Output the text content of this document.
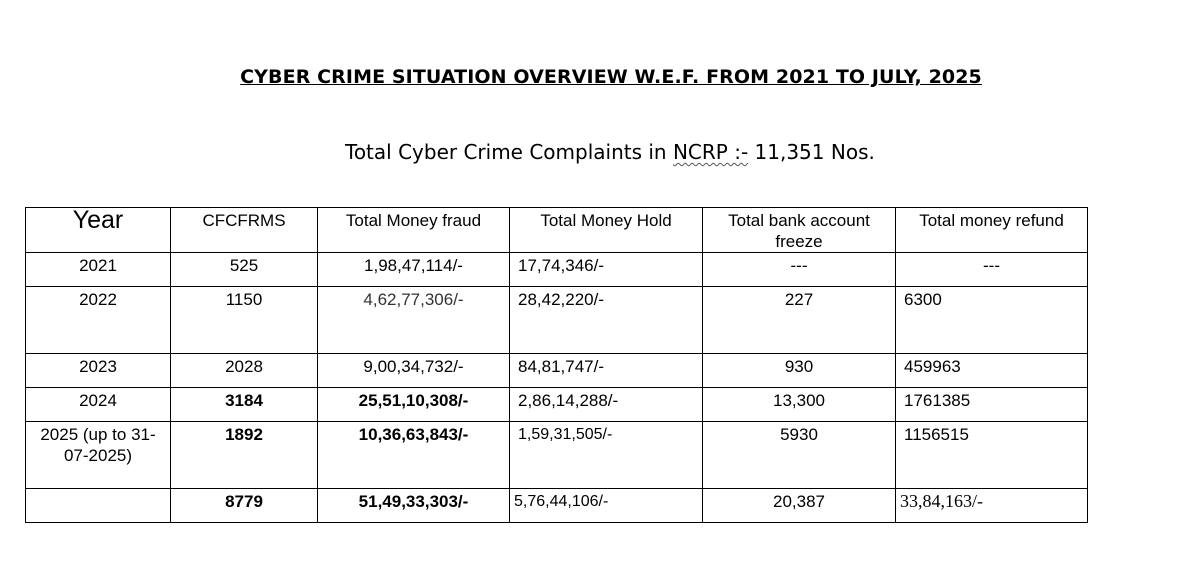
CYBER CRIME SITUATION OVERVIEW W.E.F. FROM 2021 TO JULY, 2025
Total Cyber Crime Complaints in NCRP :- 11,351 Nos.
Year	CFCFRMS	Total Money fraud	Total Money Hold	Total bank account freeze	Total money refund
2021	525	1,98,47,114/-	17,74,346/-	---	---
2022	1150	4,62,77,306/-	28,42,220/-	227	6300
2023	2028	9,00,34,732/-	84,81,747/-	930	459963
2024	3184	25,51,10,308/-	2,86,14,288/-	13,300	1761385
2025 (up to 31-07-2025)	1892	10,36,63,843/-	1,59,31,505/-	5930	1156515
	8779	51,49,33,303/-	5,76,44,106/-	20,387	33,84,163/-
